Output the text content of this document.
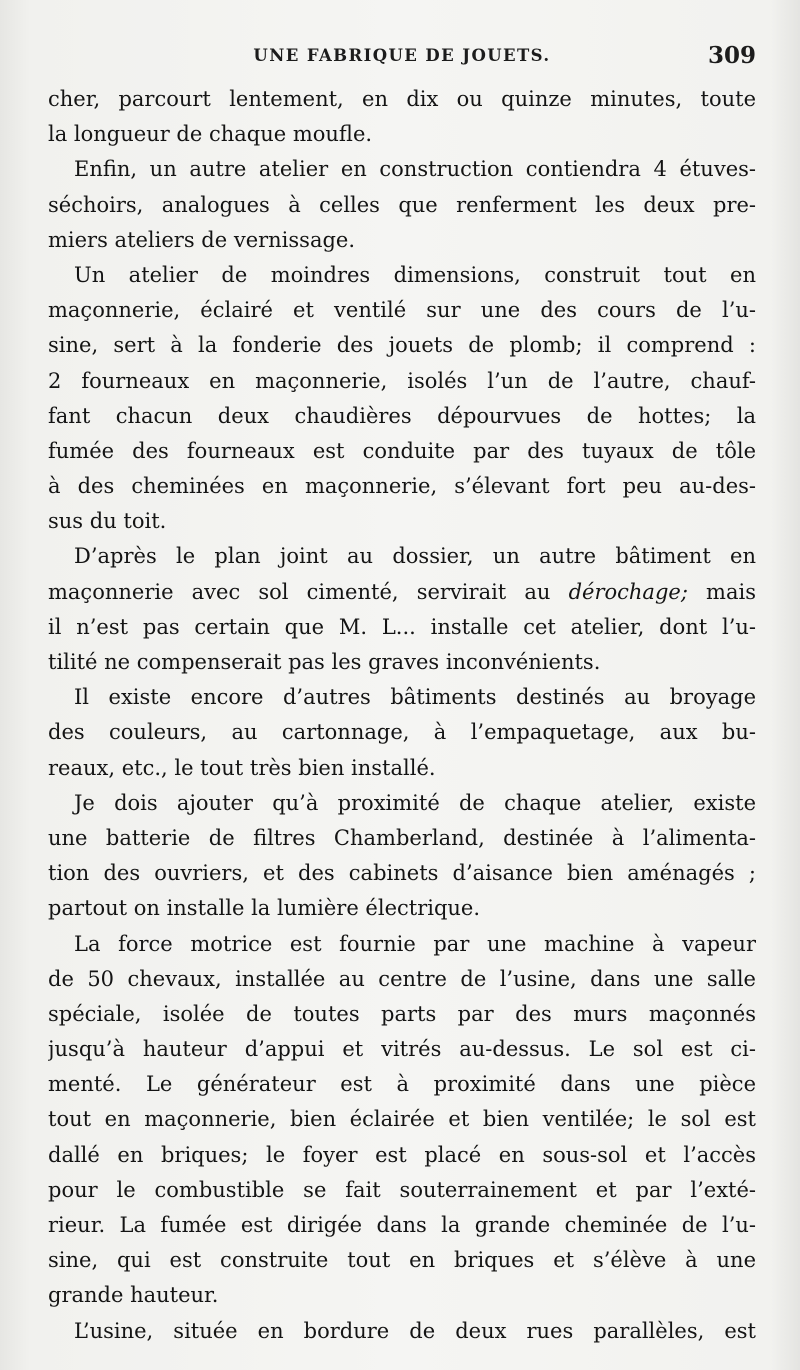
UNE FABRIQUE DE JOUETS.	309
cher, parcourt lentement, en dix ou quinze minutes, toute
la longueur de chaque moufle.
Enfin, un autre atelier en construction contiendra 4 étuves-
séchoirs, analogues à celles que renferment les deux pre-
miers ateliers de vernissage.
Un atelier de moindres dimensions, construit tout en
maçonnerie, éclairé et ventilé sur une des cours de l’u-
sine, sert à la fonderie des jouets de plomb; il comprend :
2 fourneaux en maçonnerie, isolés l’un de l’autre, chauf-
fant chacun deux chaudières dépourvues de hottes; la
fumée des fourneaux est conduite par des tuyaux de tôle
à des cheminées en maçonnerie, s’élevant fort peu au-des-
sus du toit.
D’après le plan joint au dossier, un autre bâtiment en
maçonnerie avec sol cimenté, servirait au dérochage; mais
il n’est pas certain que M. L... installe cet atelier, dont l’u-
tilité ne compenserait pas les graves inconvénients.
Il existe encore d’autres bâtiments destinés au broyage
des couleurs, au cartonnage, à l’empaquetage, aux bu-
reaux, etc., le tout très bien installé.
Je dois ajouter qu’à proximité de chaque atelier, existe
une batterie de filtres Chamberland, destinée à l’alimenta-
tion des ouvriers, et des cabinets d’aisance bien aménagés ;
partout on installe la lumière électrique.
La force motrice est fournie par une machine à vapeur
de 50 chevaux, installée au centre de l’usine, dans une salle
spéciale, isolée de toutes parts par des murs maçonnés
jusqu’à hauteur d’appui et vitrés au-dessus. Le sol est ci-
menté. Le générateur est à proximité dans une pièce
tout en maçonnerie, bien éclairée et bien ventilée; le sol est
dallé en briques; le foyer est placé en sous-sol et l’accès
pour le combustible se fait souterrainement et par l’exté-
rieur. La fumée est dirigée dans la grande cheminée de l’u-
sine, qui est construite tout en briques et s’élève à une
grande hauteur.
L’usine, située en bordure de deux rues parallèles, est
